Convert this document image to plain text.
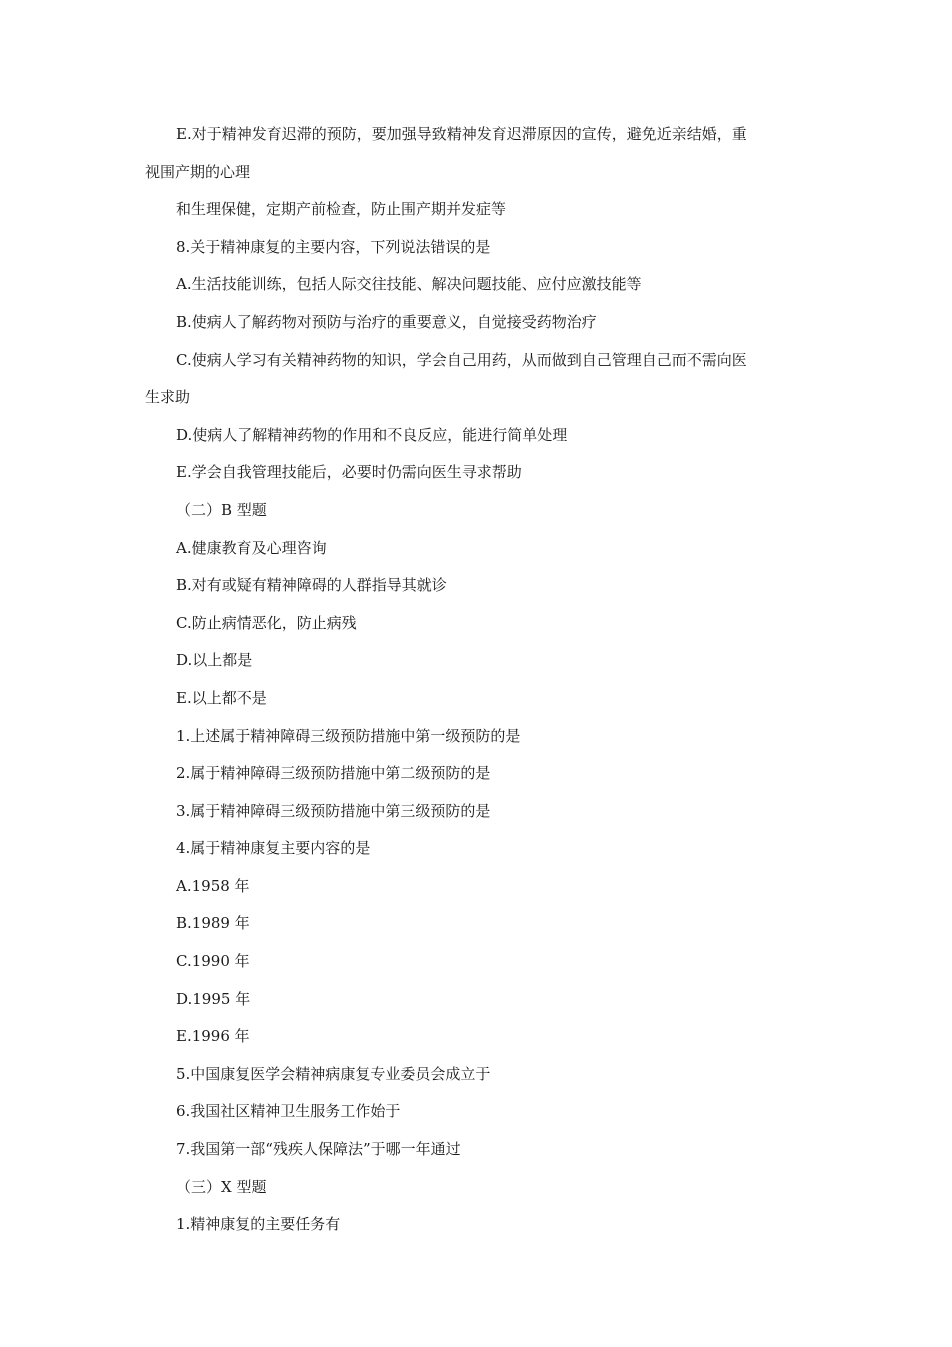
E.对于精神发育迟滞的预防，要加强导致精神发育迟滞原因的宣传，避免近亲结婚，重
视围产期的心理
和生理保健，定期产前检查，防止围产期并发症等
8.关于精神康复的主要内容，下列说法错误的是
A.生活技能训练，包括人际交往技能、解决问题技能、应付应激技能等
B.使病人了解药物对预防与治疗的重要意义，自觉接受药物治疗
C.使病人学习有关精神药物的知识，学会自己用药，从而做到自己管理自己而不需向医
生求助
D.使病人了解精神药物的作用和不良反应，能进行简单处理
E.学会自我管理技能后，必要时仍需向医生寻求帮助
（二）B 型题
A.健康教育及心理咨询
B.对有或疑有精神障碍的人群指导其就诊
C.防止病情恶化，防止病残
D.以上都是
E.以上都不是
1.上述属于精神障碍三级预防措施中第一级预防的是
2.属于精神障碍三级预防措施中第二级预防的是
3.属于精神障碍三级预防措施中第三级预防的是
4.属于精神康复主要内容的是
A.1958 年
B.1989 年
C.1990 年
D.1995 年
E.1996 年
5.中国康复医学会精神病康复专业委员会成立于
6.我国社区精神卫生服务工作始于
7.我国第一部“残疾人保障法”于哪一年通过
（三）X 型题
1.精神康复的主要任务有
